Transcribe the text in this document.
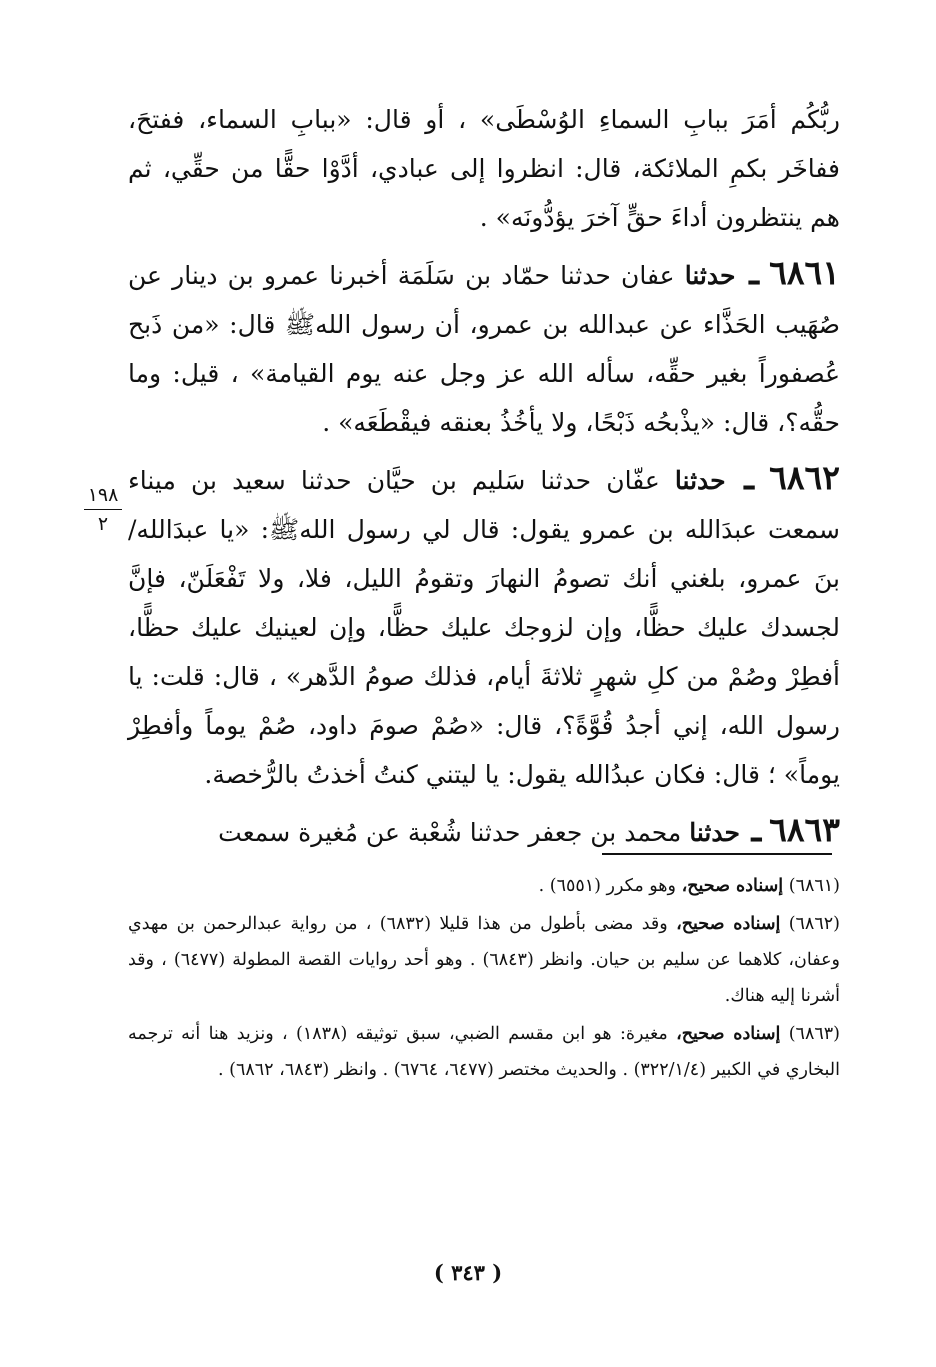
ربُّكُم أمَرَ ببابِ السماءِ الوُسْطَى» ، أو قال: «ببابِ السماء، ففتحَ، ففاخَر بكمِ الملائكة، قال: انظروا إلى عبادي، أدَّوْا حقًّا من حقِّي، ثم هم ينتظرون أداءَ حقٍّ آخرَ يؤدُّونَه» .

٦٨٦١ ـ حدثنا عفان حدثنا حمّاد بن سَلَمَة أخبرنا عمرو بن دينار عن صُهَيب الحَذَّاء عن عبدالله بن عمرو، أن رسول اللهﷺ قال: «من ذَبح عُصفوراً بغير حقِّه، سأله الله عز وجل عنه يوم القيامة» ، قيل: وما حقُّه؟، قال: «يذْبحُه ذَبْحًا، ولا يأخُذُ بعنقه فيقْطَعَه» .

٦٨٦٢ ـ حدثنا عفّان حدثنا سَليم بن حيَّان حدثنا سعيد بن ميناء سمعت عبدَالله بن عمرو يقول: قال لي رسول اللهﷺ: «يا عبدَالله/ بنَ عمرو، بلغني أنك تصومُ النهارَ وتقومُ الليل، فلا، ولا تَفْعَلَنّ، فإنَّ لجسدك عليك حظًّا، وإن لزوجك عليك حظًّا، وإن لعينيك عليك حظًّا، أفطِرْ وصُمْ من كلِ شهرٍ ثلاثةَ أيام، فذلك صومُ الدَّهر» ، قال: قلت: يا رسول الله، إني أجدُ قُوَّةً؟، قال: «صُمْ صومَ داود، صُمْ يوماً وأفطِرْ يوماً» ؛ قال: فكان عبدُالله يقول: يا ليتني كنتُ أخذتُ بالرُّخصة.

٦٨٦٣ ـ حدثنا محمد بن جعفر حدثنا شُعْبة عن مُغيرة سمعت

١٩٨
٢

(٦٨٦١) إسناده صحيح، وهو مكرر (٦٥٥١) .

(٦٨٦٢) إسناده صحيح، وقد مضى بأطول من هذا قليلا (٦٨٣٢) ، من رواية عبدالرحمن بن مهدي وعفان، كلاهما عن سليم بن حيان. وانظر (٦٨٤٣) . وهو أحد روايات القصة المطولة (٦٤٧٧) ، وقد أشرنا إليه هناك.

(٦٨٦٣) إسناده صحيح، مغيرة: هو ابن مقسم الضبي، سبق توثيقه (١٨٣٨) ، ونزيد هنا أنه ترجمه البخاري في الكبير (٣٢٢/١/٤) . والحديث مختصر (٦٤٧٧، ٦٧٦٤) . وانظر (٦٨٤٣، ٦٨٦٢) .

( ٣٤٣ )
